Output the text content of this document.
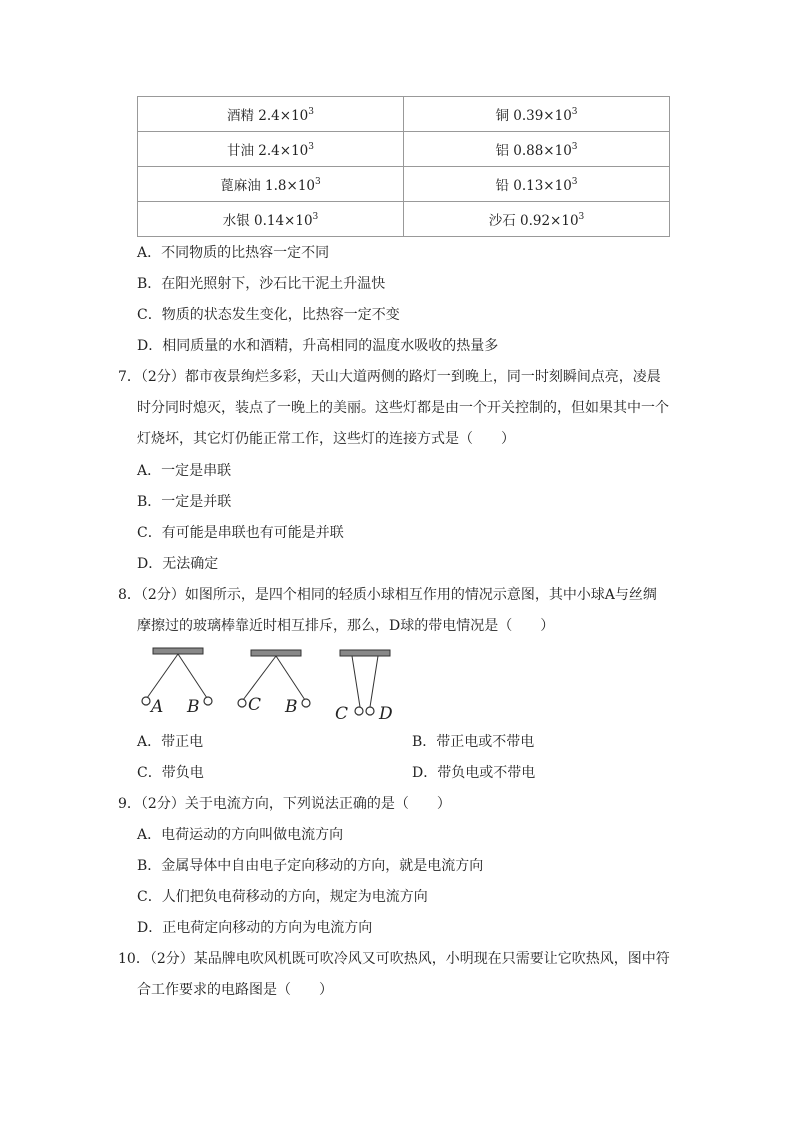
酒精 $2.4\times 10^3$	铜 $0.39\times 10^3$
甘油 $2.4\times 10^3$	铝 $0.88\times 10^3$
蓖麻油 $1.8\times 10^3$	铅 $0.13\times 10^3$
水银 $0.14\times 10^3$	沙石 $0.92\times 10^3$
A．不同物质的比热容一定不同
B．在阳光照射下，沙石比干泥土升温快
C．物质的状态发生变化，比热容一定不变
D．相同质量的水和酒精，升高相同的温度水吸收的热量多
7．（2分）都市夜景绚烂多彩，天山大道两侧的路灯一到晚上，同一时刻瞬间点亮，凌晨
时分同时熄灭，装点了一晚上的美丽。这些灯都是由一个开关控制的，但如果其中一个
灯烧坏，其它灯仍能正常工作，这些灯的连接方式是（　　）
A．一定是串联
B．一定是并联
C．有可能是串联也有可能是并联
D．无法确定
8．（2分）如图所示，是四个相同的轻质小球相互作用的情况示意图，其中小球A与丝绸
摩擦过的玻璃棒靠近时相互排斥，那么，D球的带电情况是（　　）
A B	C B C D
A．带正电	B．带正电或不带电
C．带负电	D．带负电或不带电
9．（2分）关于电流方向，下列说法正确的是（　　）
A．电荷运动的方向叫做电流方向
B．金属导体中自由电子定向移动的方向，就是电流方向
C．人们把负电荷移动的方向，规定为电流方向
D．正电荷定向移动的方向为电流方向
10．（2分）某品牌电吹风机既可吹冷风又可吹热风，小明现在只需要让它吹热风，图中符
合工作要求的电路图是（　　）
